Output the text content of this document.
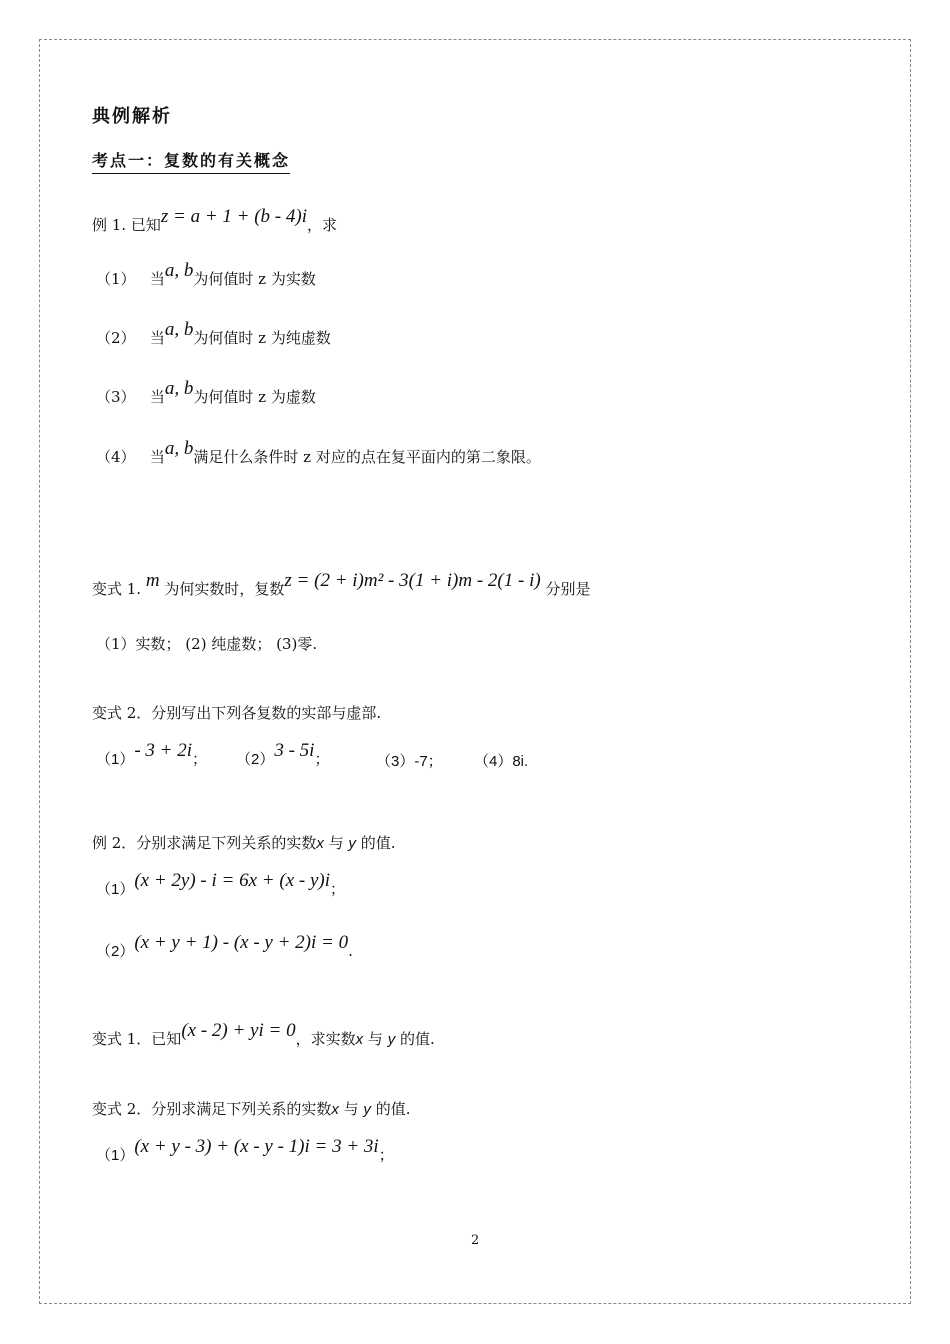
典例解析
考点一：复数的有关概念
例 1. 已知z = a + 1 + (b - 4)i，求
（1） 当a, b为何值时 z 为实数
（2） 当a, b为何值时 z 为纯虚数
（3） 当a, b为何值时 z 为虚数
（4） 当a, b满足什么条件时 z 对应的点在复平面内的第二象限。
变式 1. m 为何实数时，复数z = (2 + i)m² - 3(1 + i)m - 2(1 - i) 分别是
（1）实数； (2) 纯虚数； (3)零.
变式 2．分别写出下列各复数的实部与虚部.
（1）- 3 + 2i； （2）3 - 5i；	（3）-7； （4）8i.
例 2．分别求满足下列关系的实数x 与 y 的值.
（1）(x + 2y) - i = 6x + (x - y)i；
（2）(x + y + 1) - (x - y + 2)i = 0.
变式 1．已知(x - 2) + yi = 0，求实数x 与 y 的值.
变式 2．分别求满足下列关系的实数x 与 y 的值.
（1）(x + y - 3) + (x - y - 1)i = 3 + 3i；
2
